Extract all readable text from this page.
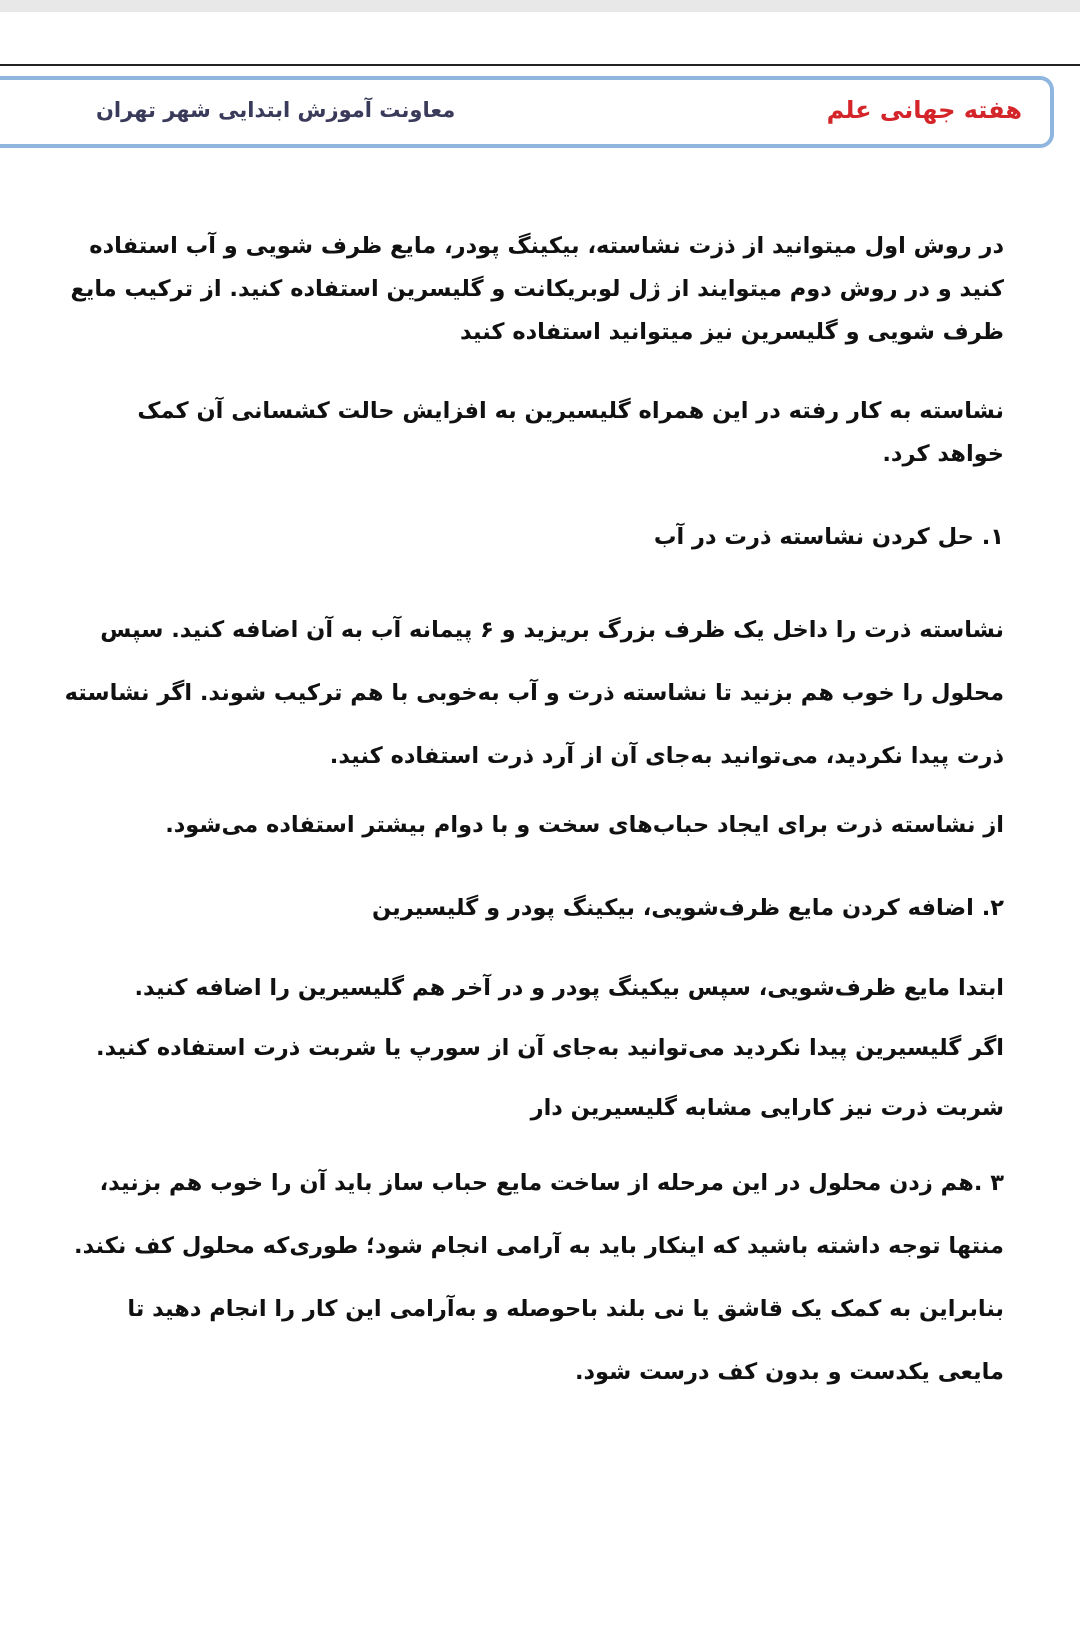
هفته جهانی علم
معاونت آموزش ابتدایی شهر تهران

در روش اول میتوانید از ذزت نشاسته، بیکینگ پودر، مایع ظرف شویی و آب استفاده کنید و در روش دوم میتوایند از ژل لوبریکانت و گلیسرین استفاده کنید. از ترکیب مایع ظرف شویی و گلیسرین نیز میتوانید استفاده کنید

نشاسته به کار رفته در این همراه گلیسیرین به افزایش حالت کشسانی آن کمک خواهد کرد.

۱. حل کردن نشاسته ذرت در آب

نشاسته ذرت را داخل یک ظرف بزرگ بریزید و ۶ پیمانه آب به آن اضافه کنید. سپس محلول را خوب هم بزنید تا نشاسته ذرت و آب به‌خوبی با هم ترکیب شوند. اگر نشاسته ذرت پیدا نکردید، می‌توانید به‌جای آن از آرد ذرت استفاده کنید.

از نشاسته ذرت برای ایجاد حباب‌های سخت و با دوام بیشتر استفاده می‌شود.

۲. اضافه کردن مایع ظرف‌شویی، بیکینگ پودر و گلیسیرین

ابتدا مایع ظرف‌شویی، سپس بیکینگ پودر و در آخر هم گلیسیرین را اضافه کنید.

اگر گلیسیرین پیدا نکردید می‌توانید به‌جای آن از سورپ یا شربت ذرت استفاده کنید. شربت ذرت نیز کارایی مشابه گلیسیرین دار

۳ .هم زدن محلول در این مرحله از ساخت مایع حباب ساز باید آن را خوب هم بزنید، منتها توجه داشته باشید که اینکار باید به آرامی انجام شود؛ طوری‌که محلول کف نکند. بنابراین به کمک یک قاشق یا نی بلند باحوصله و به‌آرامی این کار را انجام دهید تا مایعی یکدست و بدون کف درست شود.
